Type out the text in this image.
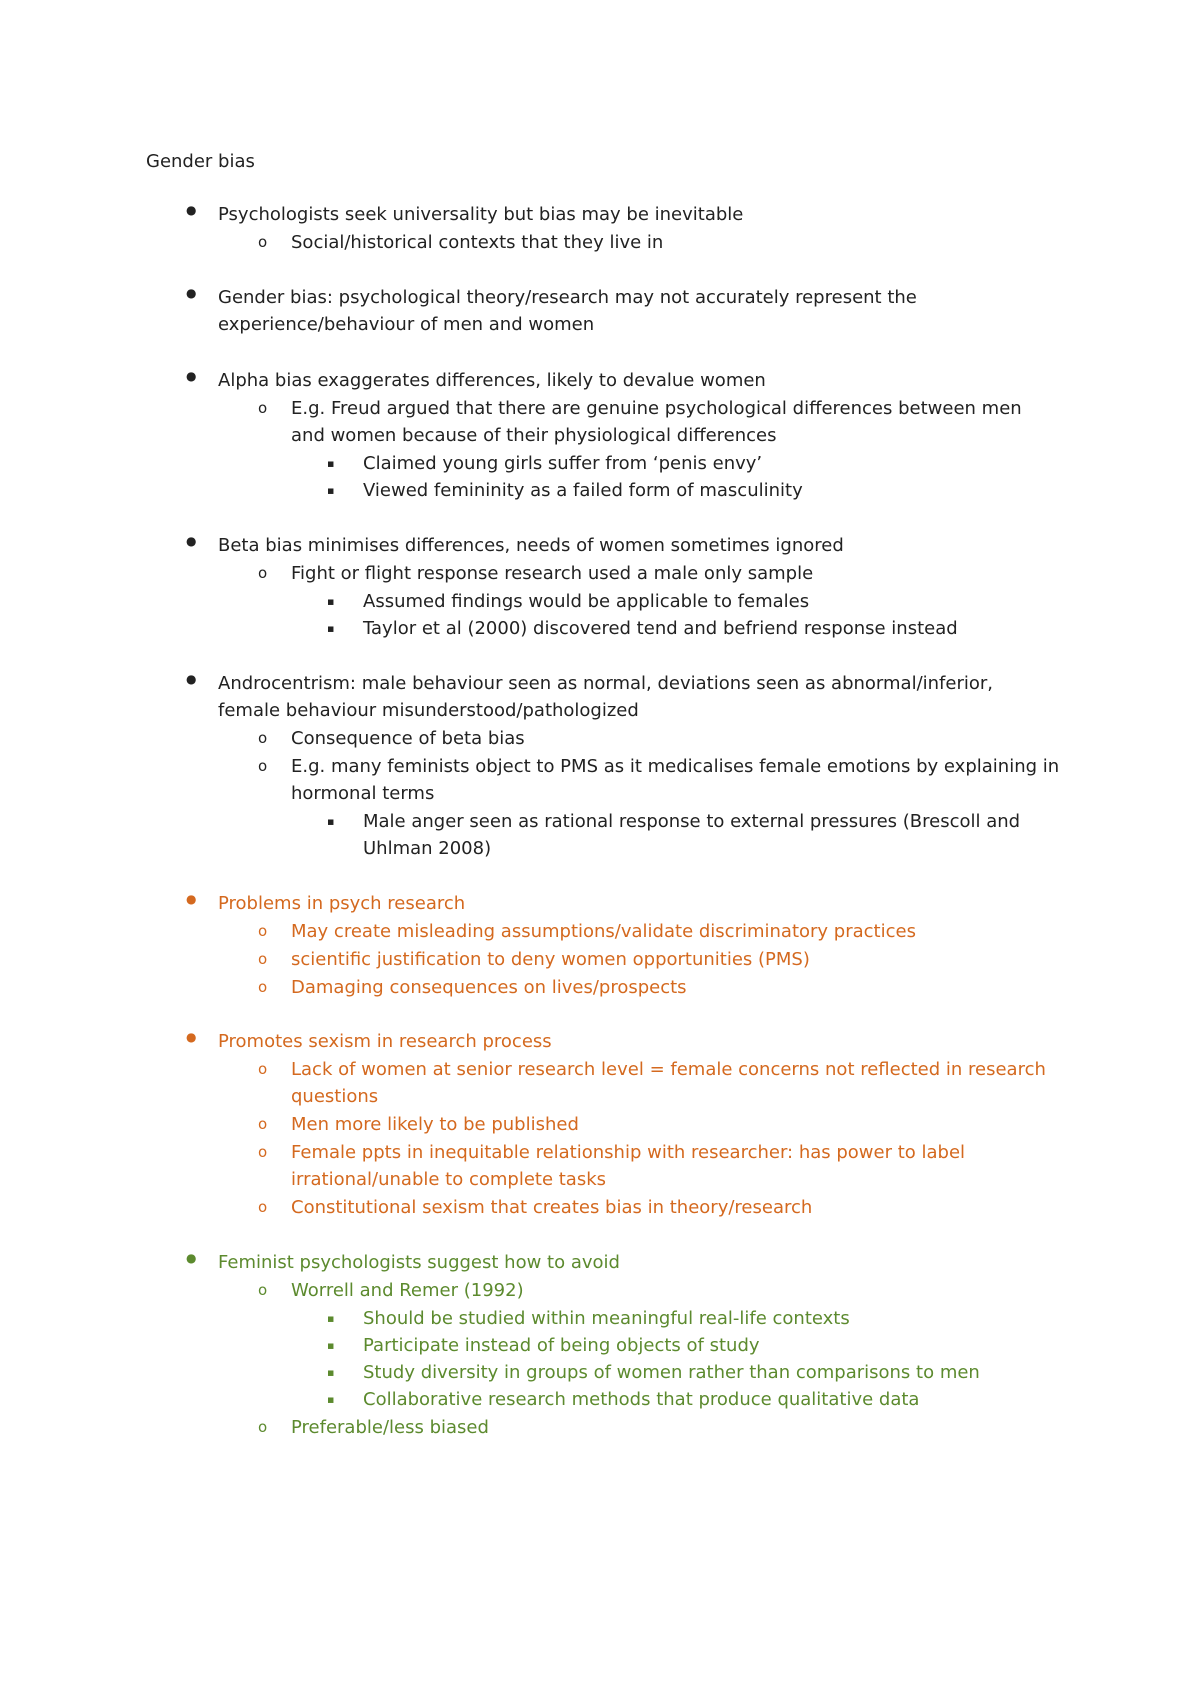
Gender bias
● Psychologists seek universality but bias may be inevitable
o Social/historical contexts that they live in
● Gender bias: psychological theory/research may not accurately represent the
experience/behaviour of men and women
● Alpha bias exaggerates differences, likely to devalue women
o E.g. Freud argued that there are genuine psychological differences between men
and women because of their physiological differences
▪ Claimed young girls suffer from ‘penis envy’
▪ Viewed femininity as a failed form of masculinity
● Beta bias minimises differences, needs of women sometimes ignored
o Fight or flight response research used a male only sample
▪ Assumed findings would be applicable to females
▪ Taylor et al (2000) discovered tend and befriend response instead
● Androcentrism: male behaviour seen as normal, deviations seen as abnormal/inferior,
female behaviour misunderstood/pathologized
o Consequence of beta bias
o E.g. many feminists object to PMS as it medicalises female emotions by explaining in
hormonal terms
▪ Male anger seen as rational response to external pressures (Brescoll and
Uhlman 2008)
● Problems in psych research
o May create misleading assumptions/validate discriminatory practices
o scientific justification to deny women opportunities (PMS)
o Damaging consequences on lives/prospects
● Promotes sexism in research process
o Lack of women at senior research level = female concerns not reflected in research
questions
o Men more likely to be published
o Female ppts in inequitable relationship with researcher: has power to label
irrational/unable to complete tasks
o Constitutional sexism that creates bias in theory/research
● Feminist psychologists suggest how to avoid
o Worrell and Remer (1992)
▪ Should be studied within meaningful real-life contexts
▪ Participate instead of being objects of study
▪ Study diversity in groups of women rather than comparisons to men
▪ Collaborative research methods that produce qualitative data
o Preferable/less biased
